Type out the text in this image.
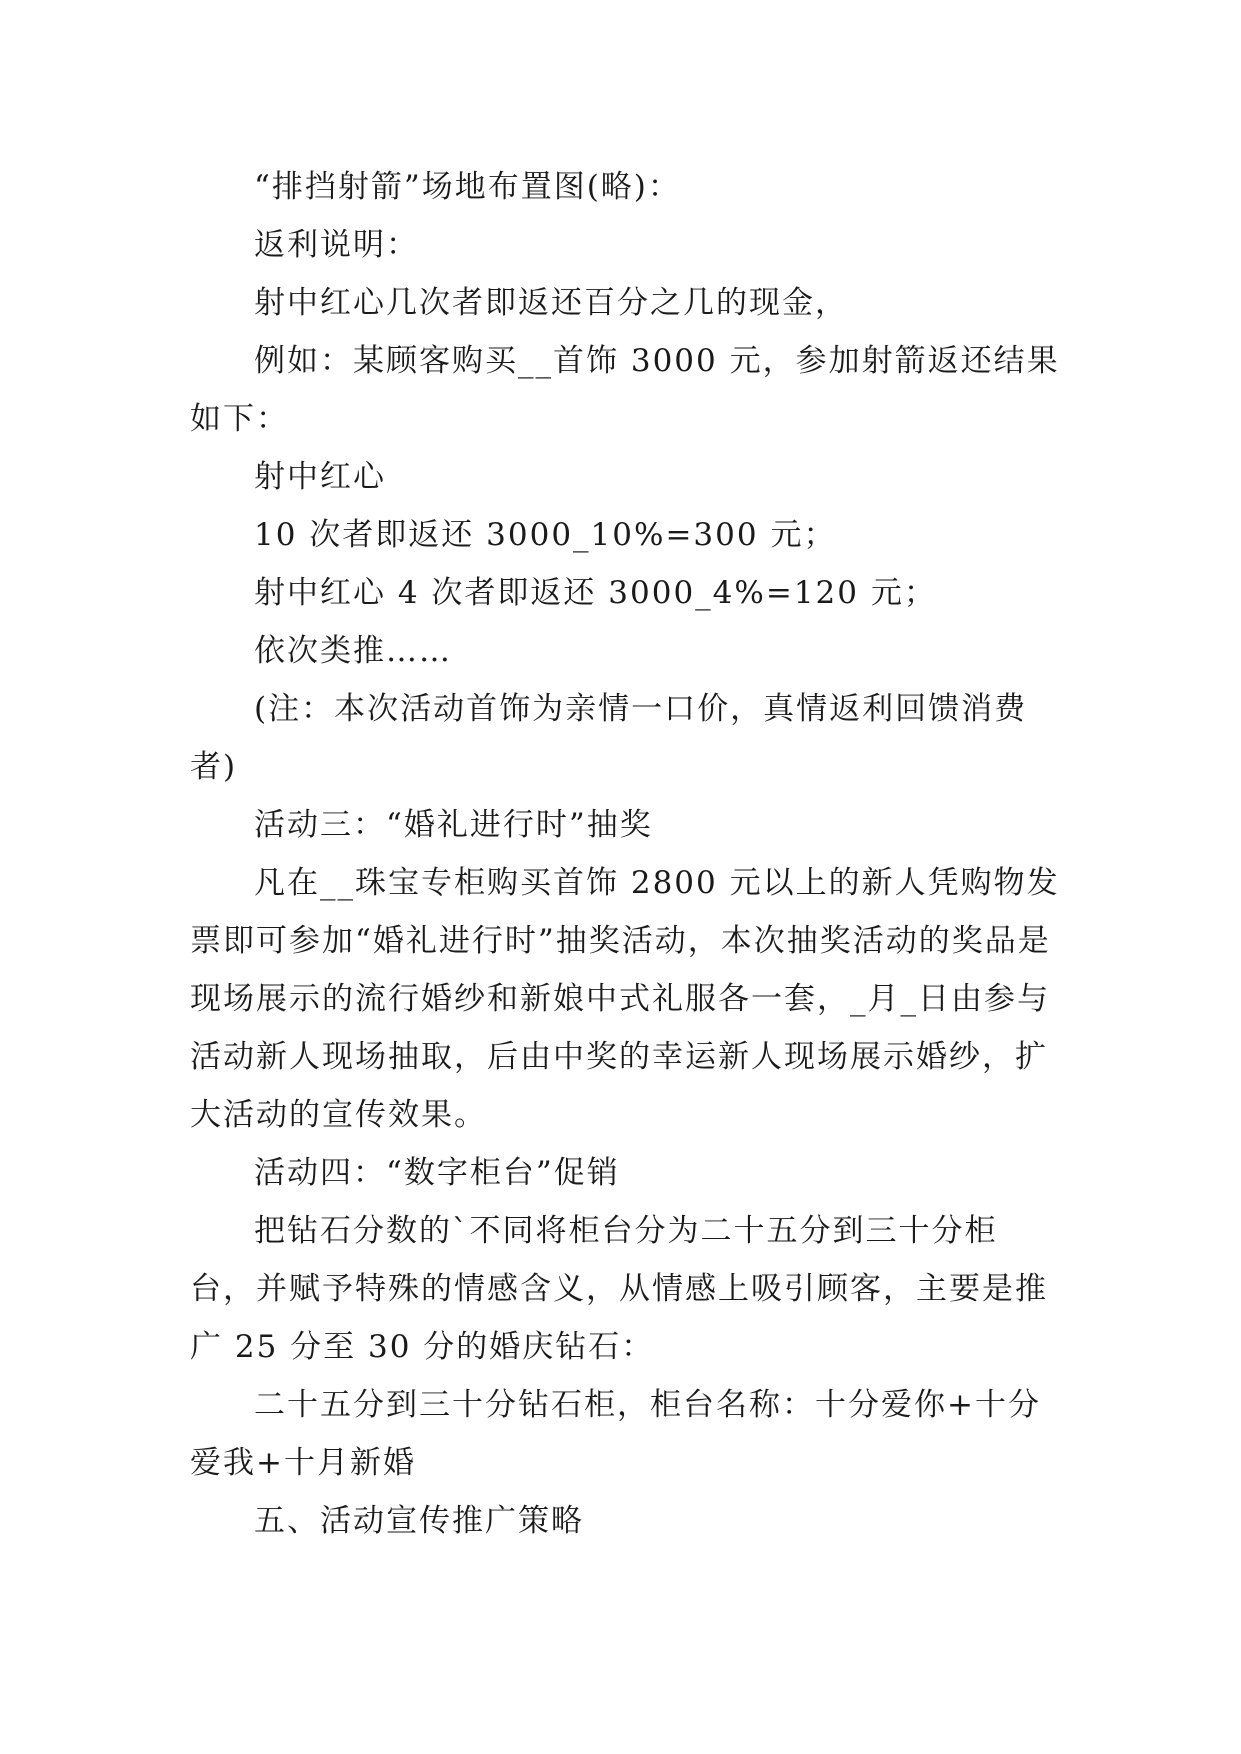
“排挡射箭”场地布置图(略)：

返利说明：

射中红心几次者即返还百分之几的现金，

例如：某顾客购买__首饰 3000 元，参加射箭返还结果如下：

射中红心

10 次者即返还 3000_10%=300 元；

射中红心 4 次者即返还 3000_4%=120 元；

依次类推……

(注：本次活动首饰为亲情一口价，真情返利回馈消费者)

活动三：“婚礼进行时”抽奖

凡在__珠宝专柜购买首饰 2800 元以上的新人凭购物发票即可参加“婚礼进行时”抽奖活动，本次抽奖活动的奖品是现场展示的流行婚纱和新娘中式礼服各一套，_月_日由参与活动新人现场抽取，后由中奖的幸运新人现场展示婚纱，扩大活动的宣传效果。

活动四：“数字柜台”促销

把钻石分数的`不同将柜台分为二十五分到三十分柜台，并赋予特殊的情感含义，从情感上吸引顾客，主要是推广 25 分至 30 分的婚庆钻石：

二十五分到三十分钻石柜，柜台名称：十分爱你+十分爱我+十月新婚

五、活动宣传推广策略
